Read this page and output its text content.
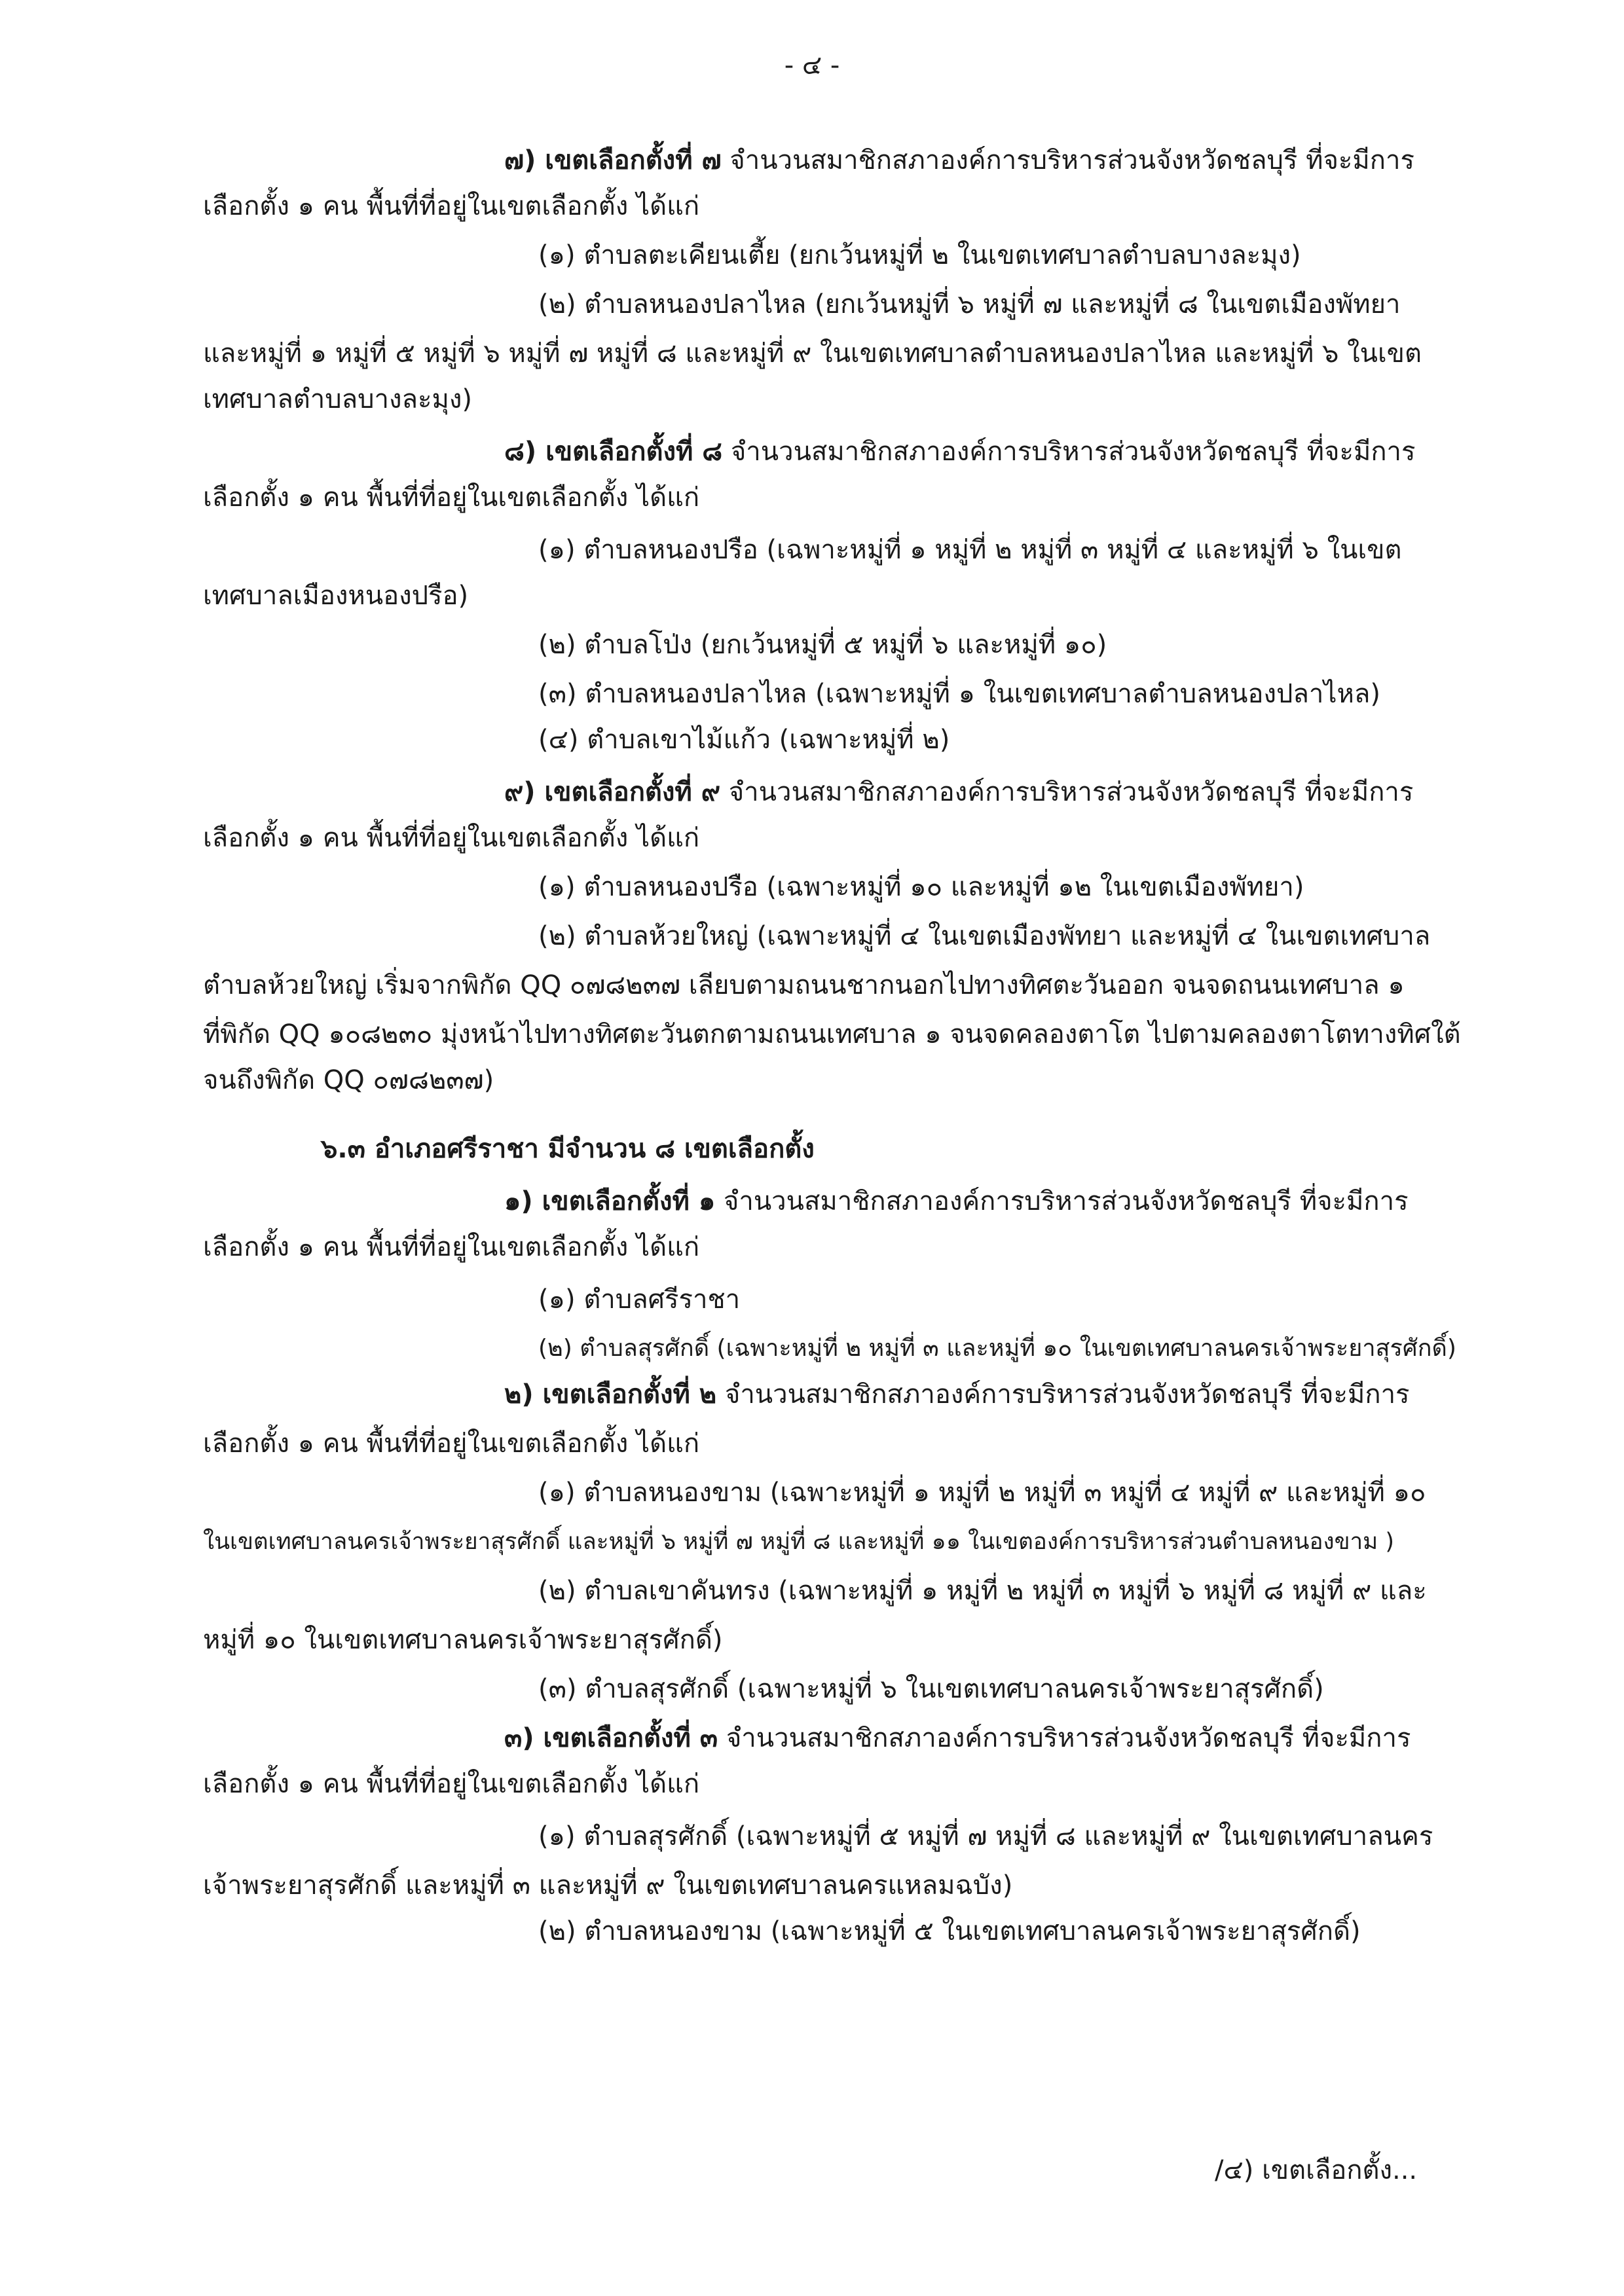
- ๔ -
๗) เขตเลือกตั้งที่ ๗ จำนวนสมาชิกสภาองค์การบริหารส่วนจังหวัดชลบุรี ที่จะมีการ
เลือกตั้ง ๑ คน พื้นที่ที่อยู่ในเขตเลือกตั้ง ได้แก่
(๑) ตำบลตะเคียนเตี้ย (ยกเว้นหมู่ที่ ๒ ในเขตเทศบาลตำบลบางละมุง)
(๒) ตำบลหนองปลาไหล (ยกเว้นหมู่ที่ ๖ หมู่ที่ ๗ และหมู่ที่ ๘ ในเขตเมืองพัทยา
และหมู่ที่ ๑ หมู่ที่ ๕ หมู่ที่ ๖ หมู่ที่ ๗ หมู่ที่ ๘ และหมู่ที่ ๙ ในเขตเทศบาลตำบลหนองปลาไหล และหมู่ที่ ๖ ในเขต
เทศบาลตำบลบางละมุง)
๘) เขตเลือกตั้งที่ ๘ จำนวนสมาชิกสภาองค์การบริหารส่วนจังหวัดชลบุรี ที่จะมีการ
เลือกตั้ง ๑ คน พื้นที่ที่อยู่ในเขตเลือกตั้ง ได้แก่
(๑) ตำบลหนองปรือ (เฉพาะหมู่ที่ ๑ หมู่ที่ ๒ หมู่ที่ ๓ หมู่ที่ ๔ และหมู่ที่ ๖ ในเขต
เทศบาลเมืองหนองปรือ)
(๒) ตำบลโป่ง (ยกเว้นหมู่ที่ ๕ หมู่ที่ ๖ และหมู่ที่ ๑๐)
(๓) ตำบลหนองปลาไหล (เฉพาะหมู่ที่ ๑ ในเขตเทศบาลตำบลหนองปลาไหล)
(๔) ตำบลเขาไม้แก้ว (เฉพาะหมู่ที่ ๒)
๙) เขตเลือกตั้งที่ ๙ จำนวนสมาชิกสภาองค์การบริหารส่วนจังหวัดชลบุรี ที่จะมีการ
เลือกตั้ง ๑ คน พื้นที่ที่อยู่ในเขตเลือกตั้ง ได้แก่
(๑) ตำบลหนองปรือ (เฉพาะหมู่ที่ ๑๐ และหมู่ที่ ๑๒ ในเขตเมืองพัทยา)
(๒) ตำบลห้วยใหญ่ (เฉพาะหมู่ที่ ๔ ในเขตเมืองพัทยา และหมู่ที่ ๔ ในเขตเทศบาล
ตำบลห้วยใหญ่ เริ่มจากพิกัด QQ ๐๗๘๒๓๗ เลียบตามถนนชากนอกไปทางทิศตะวันออก จนจดถนนเทศบาล ๑
ที่พิกัด QQ ๑๐๘๒๓๐ มุ่งหน้าไปทางทิศตะวันตกตามถนนเทศบาล ๑ จนจดคลองตาโต ไปตามคลองตาโตทางทิศใต้
จนถึงพิกัด QQ ๐๗๘๒๓๗)
๖.๓ อำเภอศรีราชา มีจำนวน ๘ เขตเลือกตั้ง
๑) เขตเลือกตั้งที่ ๑ จำนวนสมาชิกสภาองค์การบริหารส่วนจังหวัดชลบุรี ที่จะมีการ
เลือกตั้ง ๑ คน พื้นที่ที่อยู่ในเขตเลือกตั้ง ได้แก่
(๑) ตำบลศรีราชา
(๒) ตำบลสุรศักดิ์ (เฉพาะหมู่ที่ ๒ หมู่ที่ ๓ และหมู่ที่ ๑๐ ในเขตเทศบาลนครเจ้าพระยาสุรศักดิ์)
๒) เขตเลือกตั้งที่ ๒ จำนวนสมาชิกสภาองค์การบริหารส่วนจังหวัดชลบุรี ที่จะมีการ
เลือกตั้ง ๑ คน พื้นที่ที่อยู่ในเขตเลือกตั้ง ได้แก่
(๑) ตำบลหนองขาม (เฉพาะหมู่ที่ ๑ หมู่ที่ ๒ หมู่ที่ ๓ หมู่ที่ ๔ หมู่ที่ ๙ และหมู่ที่ ๑๐
ในเขตเทศบาลนครเจ้าพระยาสุรศักดิ์ และหมู่ที่ ๖ หมู่ที่ ๗ หมู่ที่ ๘ และหมู่ที่ ๑๑ ในเขตองค์การบริหารส่วนตำบลหนองขาม )
(๒) ตำบลเขาคันทรง (เฉพาะหมู่ที่ ๑ หมู่ที่ ๒ หมู่ที่ ๓ หมู่ที่ ๖ หมู่ที่ ๘ หมู่ที่ ๙ และ
หมู่ที่ ๑๐ ในเขตเทศบาลนครเจ้าพระยาสุรศักดิ์)
(๓) ตำบลสุรศักดิ์ (เฉพาะหมู่ที่ ๖ ในเขตเทศบาลนครเจ้าพระยาสุรศักดิ์)
๓) เขตเลือกตั้งที่ ๓ จำนวนสมาชิกสภาองค์การบริหารส่วนจังหวัดชลบุรี ที่จะมีการ
เลือกตั้ง ๑ คน พื้นที่ที่อยู่ในเขตเลือกตั้ง ได้แก่
(๑) ตำบลสุรศักดิ์ (เฉพาะหมู่ที่ ๕ หมู่ที่ ๗ หมู่ที่ ๘ และหมู่ที่ ๙ ในเขตเทศบาลนคร
เจ้าพระยาสุรศักดิ์ และหมู่ที่ ๓ และหมู่ที่ ๙ ในเขตเทศบาลนครแหลมฉบัง)
(๒) ตำบลหนองขาม (เฉพาะหมู่ที่ ๕ ในเขตเทศบาลนครเจ้าพระยาสุรศักดิ์)
/๔) เขตเลือกตั้ง...
